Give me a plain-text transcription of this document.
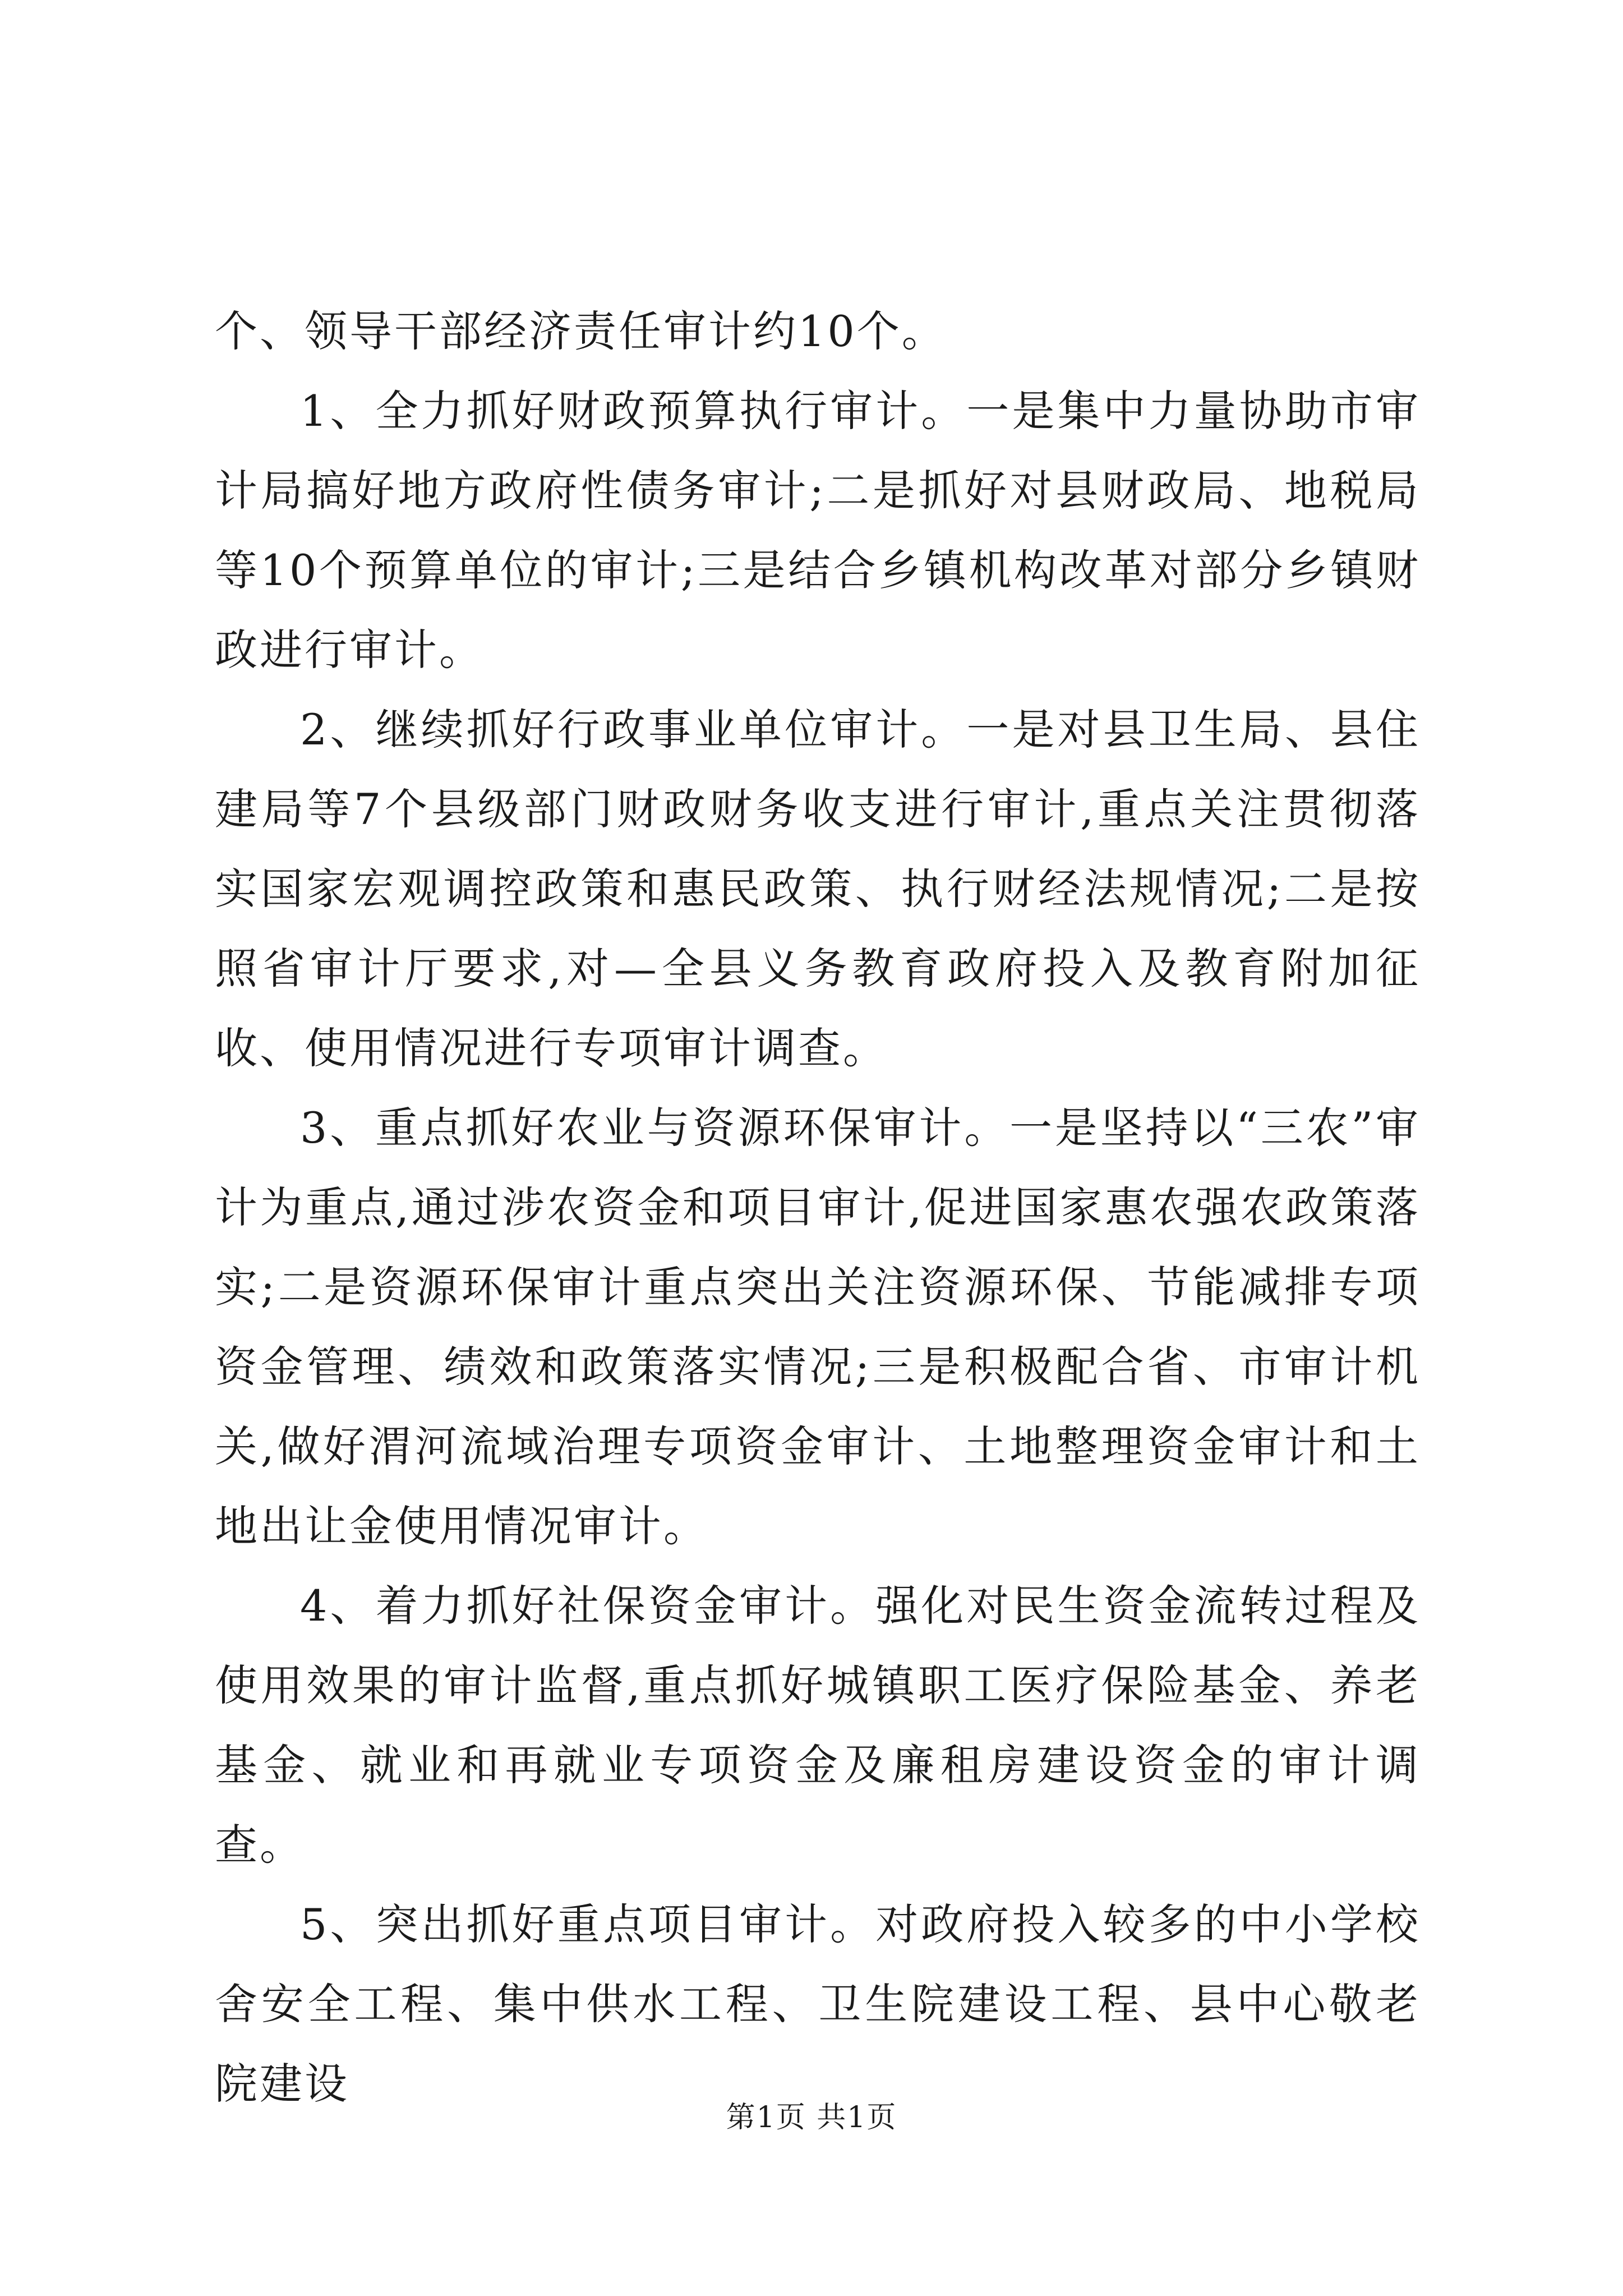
个、领导干部经济责任审计约10个。

1、全力抓好财政预算执行审计。一是集中力量协助市审计局搞好地方政府性债务审计;二是抓好对县财政局、地税局等10个预算单位的审计;三是结合乡镇机构改革对部分乡镇财政进行审计。

2、继续抓好行政事业单位审计。一是对县卫生局、县住建局等7个县级部门财政财务收支进行审计,重点关注贯彻落实国家宏观调控政策和惠民政策、执行财经法规情况;二是按照省审计厅要求,对—全县义务教育政府投入及教育附加征收、使用情况进行专项审计调查。

3、重点抓好农业与资源环保审计。一是坚持以“三农”审计为重点,通过涉农资金和项目审计,促进国家惠农强农政策落实;二是资源环保审计重点突出关注资源环保、节能减排专项资金管理、绩效和政策落实情况;三是积极配合省、市审计机关,做好渭河流域治理专项资金审计、土地整理资金审计和土地出让金使用情况审计。

4、着力抓好社保资金审计。强化对民生资金流转过程及使用效果的审计监督,重点抓好城镇职工医疗保险基金、养老基金、就业和再就业专项资金及廉租房建设资金的审计调查。

5、突出抓好重点项目审计。对政府投入较多的中小学校舍安全工程、集中供水工程、卫生院建设工程、县中心敬老院建设

第1页 共1页
